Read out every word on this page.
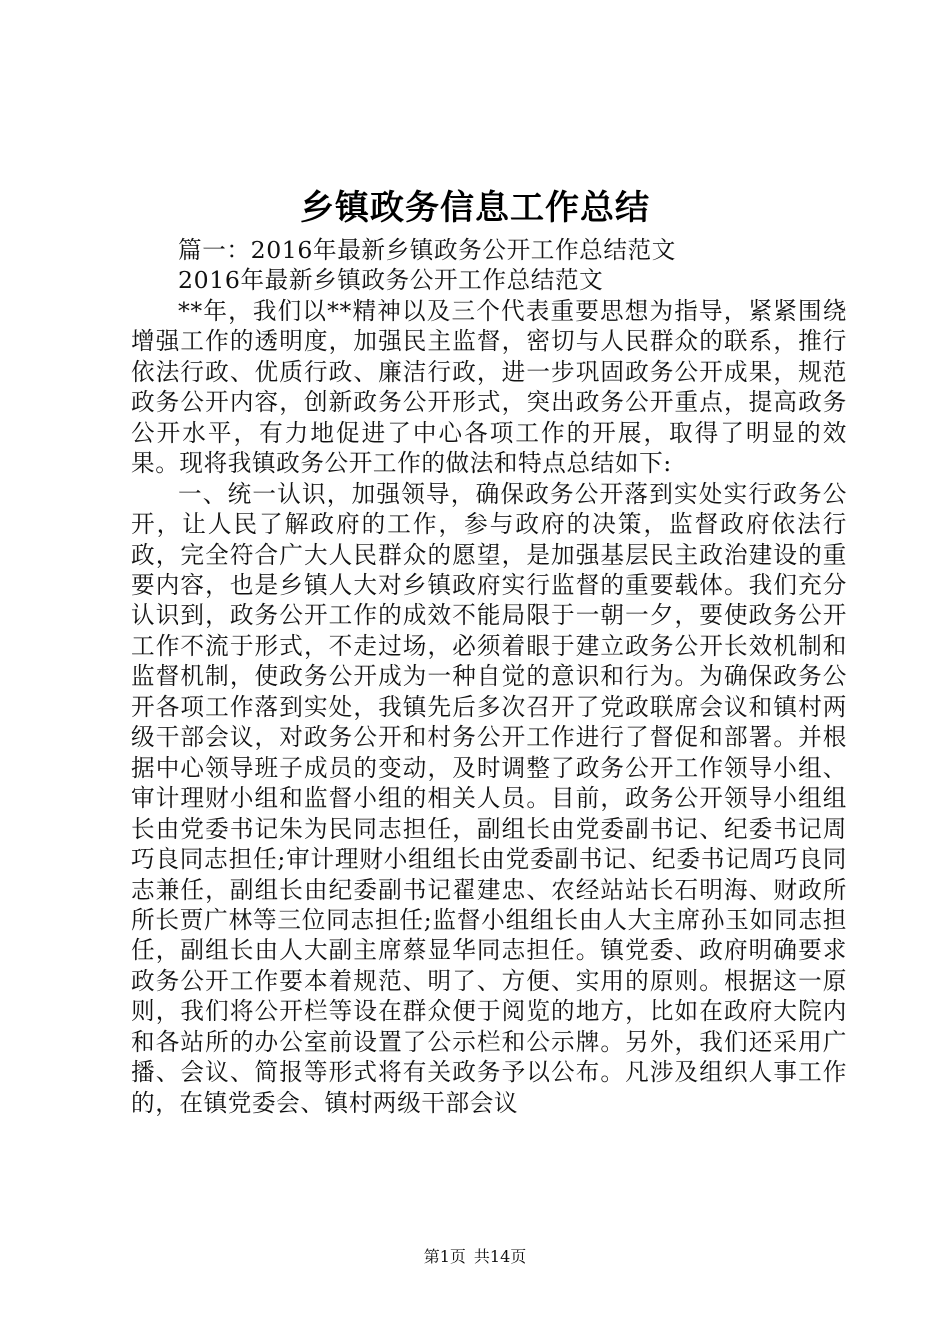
乡镇政务信息工作总结

篇一：2016年最新乡镇政务公开工作总结范文

2016年最新乡镇政务公开工作总结范文

**年，我们以**精神以及三个代表重要思想为指导，紧紧围绕增强工作的透明度，加强民主监督，密切与人民群众的联系，推行依法行政、优质行政、廉洁行政，进一步巩固政务公开成果，规范政务公开内容，创新政务公开形式，突出政务公开重点，提高政务公开水平，有力地促进了中心各项工作的开展，取得了明显的效果。现将我镇政务公开工作的做法和特点总结如下:

一、统一认识，加强领导，确保政务公开落到实处实行政务公开，让人民了解政府的工作，参与政府的决策，监督政府依法行政，完全符合广大人民群众的愿望，是加强基层民主政治建设的重要内容，也是乡镇人大对乡镇政府实行监督的重要载体。我们充分认识到，政务公开工作的成效不能局限于一朝一夕，要使政务公开工作不流于形式，不走过场，必须着眼于建立政务公开长效机制和监督机制，使政务公开成为一种自觉的意识和行为。为确保政务公开各项工作落到实处，我镇先后多次召开了党政联席会议和镇村两级干部会议，对政务公开和村务公开工作进行了督促和部署。并根据中心领导班子成员的变动，及时调整了政务公开工作领导小组、审计理财小组和监督小组的相关人员。目前，政务公开领导小组组长由党委书记朱为民同志担任，副组长由党委副书记、纪委书记周巧良同志担任;审计理财小组组长由党委副书记、纪委书记周巧良同志兼任，副组长由纪委副书记翟建忠、农经站站长石明海、财政所所长贾广林等三位同志担任;监督小组组长由人大主席孙玉如同志担任，副组长由人大副主席蔡显华同志担任。镇党委、政府明确要求政务公开工作要本着规范、明了、方便、实用的原则。根据这一原则，我们将公开栏等设在群众便于阅览的地方，比如在政府大院内和各站所的办公室前设置了公示栏和公示牌。另外，我们还采用广播、会议、简报等形式将有关政务予以公布。凡涉及组织人事工作的，在镇党委会、镇村两级干部会议

第1页 共14页
